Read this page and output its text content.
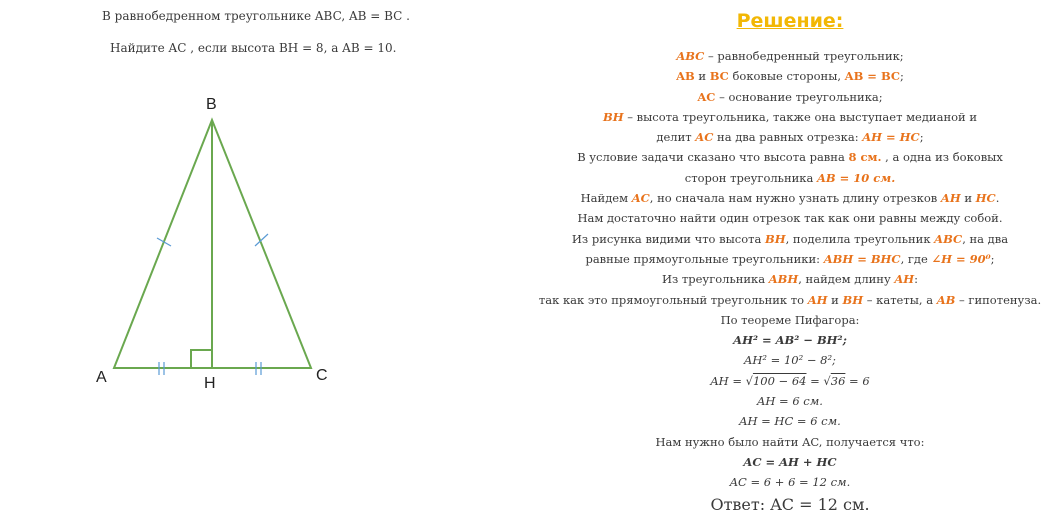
В равнобедренном треугольнике ABC, AB = BC .
Найдите AC , если высота BH = 8, а AB = 10.
B
A	C
H
Решение:
ABC – равнобедренный треугольник;
AB и BC боковые стороны, AB = BC;
AC – основание треугольника;
BH – высота треугольника, также она выступает медианой и
делит AC на два равных отрезка: AH = HC;
В условие задачи сказано что высота равна 8 см. , а одна из боковых
сторон треугольника AB = 10 см.
Найдем AC, но сначала нам нужно узнать длину отрезков AH и HC.
Нам достаточно найти один отрезок так как они равны между собой.
Из рисунка видими что высота BH, поделила треугольник ABC, на два
равные прямоугольные треугольники: ABH = BHC, где ∠H = 90⁰;
Из треугольника ABH, найдем длину AH:
так как это прямоугольный треугольник то AH и BH – катеты, а AB – гипотенуза.
По теореме Пифагора:
AH² = AB² − BH²;
AH² = 10² − 8²;
AH = √100 − 64 = √36 = 6
AH = 6 см.
AH = HC = 6 см.
Нам нужно было найти AC, получается что:
AC = AH + HC
AC = 6 + 6 = 12 см.
Ответ: AC = 12 см.
